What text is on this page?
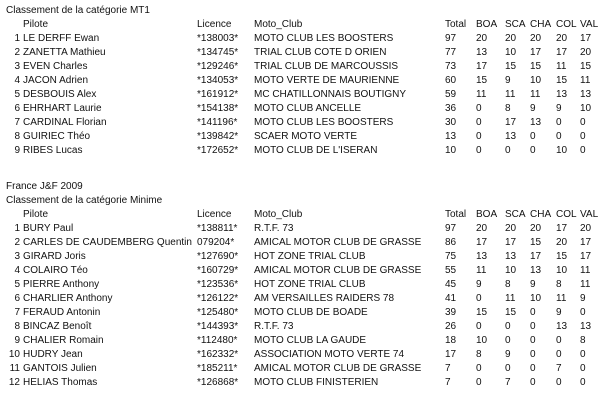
Classement de la catégorie MT1
Pilote	Licence Moto_Club	Total BOA SCA CHA COL VAL
1 LE DERFF Ewan	*138003* MOTO CLUB LES BOOSTERS	97 20 20 20 20 17
2 ZANETTA Mathieu	*134745* TRIAL CLUB COTE D ORIEN	77 13 10 17 17 20
3 EVEN Charles	*129246* TRIAL CLUB DE MARCOUSSIS	73 17 15 15 11 15
4 JACON Adrien	*134053* MOTO VERTE DE MAURIENNE	60 15 9 10 15 11
5 DESBOUIS Alex	*161912* MC CHATILLONNAIS BOUTIGNY	59 11 11 11 13 13
6 EHRHART Laurie	*154138* MOTO CLUB ANCELLE	36 0 8 9 9 10
7 CARDINAL Florian	*141196* MOTO CLUB LES BOOSTERS	30 0 17 13 0 0
8 GUIRIEC Théo	*139842* SCAER MOTO VERTE	13 0 13 0 0 0
9 RIBES Lucas	*172652* MOTO CLUB DE L'ISERAN	10 0 0 0 10 0
France J&F 2009
Classement de la catégorie Minime
Pilote	Licence Moto_Club	Total BOA SCA CHA COL VAL
1 BURY Paul	*138811* R.T.F. 73	97 20 20 20 17 20
2 CARLES DE CAUDEMBERG Quentin 079204* AMICAL MOTOR CLUB DE GRASSE 86 17 17 15 20 17
3 GIRARD Joris	*127690* HOT ZONE TRIAL CLUB	75 13 13 17 15 17
4 COLAIRO Téo	*160729* AMICAL MOTOR CLUB DE GRASSE 55 11 10 13 10 11
5 PIERRE Anthony	*123536* HOT ZONE TRIAL CLUB	45 9 8 9 8 11
6 CHARLIER Anthony	*126122* AM VERSAILLES RAIDERS 78	41 0 11 10 11 9
7 FERAUD Antonin	*125480* MOTO CLUB DE BOADE	39 15 15 0 9 0
8 BINCAZ Benoît	*144393* R.T.F. 73	26 0 0 0 13 13
9 CHALIER Romain	*112480* MOTO CLUB LA GAUDE	18 10 0 0 0 8
10 HUDRY Jean	*162332* ASSOCIATION MOTO VERTE 74	17 8 9 0 0 0
11 GANTOIS Julien	*185211* AMICAL MOTOR CLUB DE GRASSE 7	0 0 0 7 0
12 HELIAS Thomas	*126868* MOTO CLUB FINISTERIEN	7	0 7 0 0 0
